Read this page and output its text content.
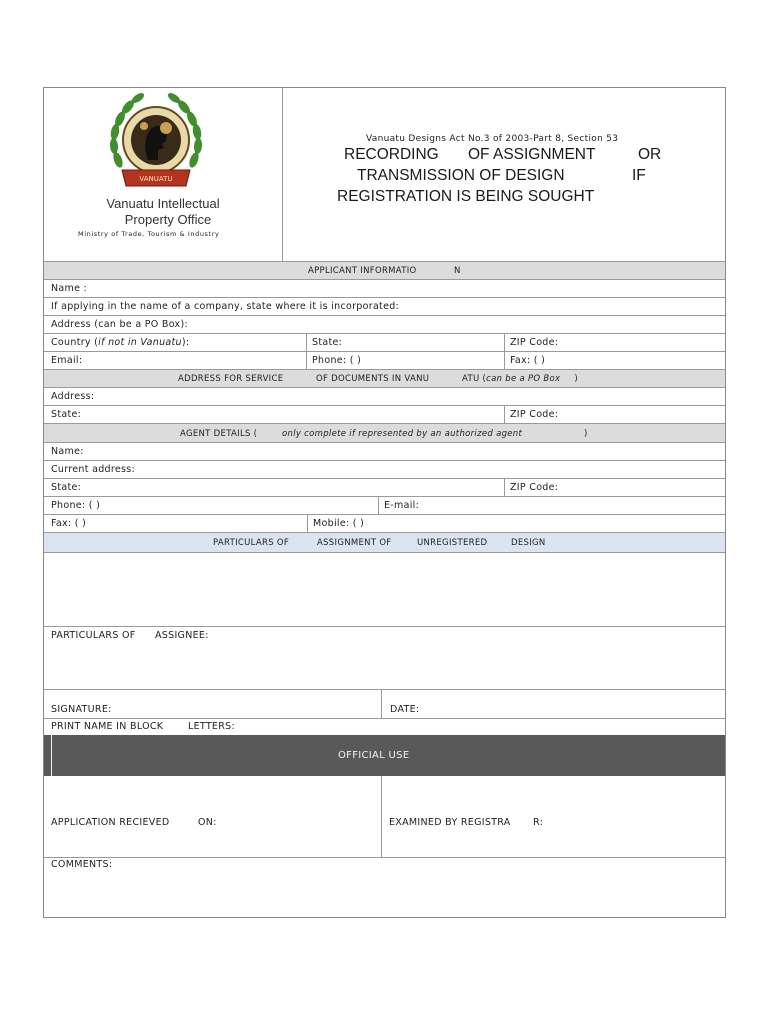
VANUATU
Vanuatu Intellectual
Property Office
Ministry of Trade, Tourism & Industry
Vanuatu Designs Act No.3 of 2003-Part 8, Section 53
RECORDING OF ASSIGNMENT	OR
TRANSMISSION OF DESIGN	IF
REGISTRATION IS BEING SOUGHT
APPLICANT INFORMATIO	N
Name :
If applying in the name of a company, state where it is incorporated:
Address (can be a PO Box):
Country (if not in Vanuatu):	State:	ZIP Code:
Email:	Phone: ( )	Fax: ( )
ADDRESS FOR SERVICE	OF DOCUMENTS IN VANU	ATU (can be a PO Box )
Address:
State:	ZIP Code:
AGENT DETAILS (	only complete if represented by an authorized agent	)
Name:
Current address:
State:	ZIP Code:
Phone: ( )	E-mail:
Fax: ( )	Mobile: ( )
PARTICULARS OF	ASSIGNMENT OF	UNREGISTERED	DESIGN
PARTICULARS OF ASSIGNEE:
SIGNATURE:	DATE:
PRINT NAME IN BLOCK	LETTERS:
OFFICIAL USE
APPLICATION RECIEVED	ON:	EXAMINED BY REGISTRA R:
COMMENTS:
